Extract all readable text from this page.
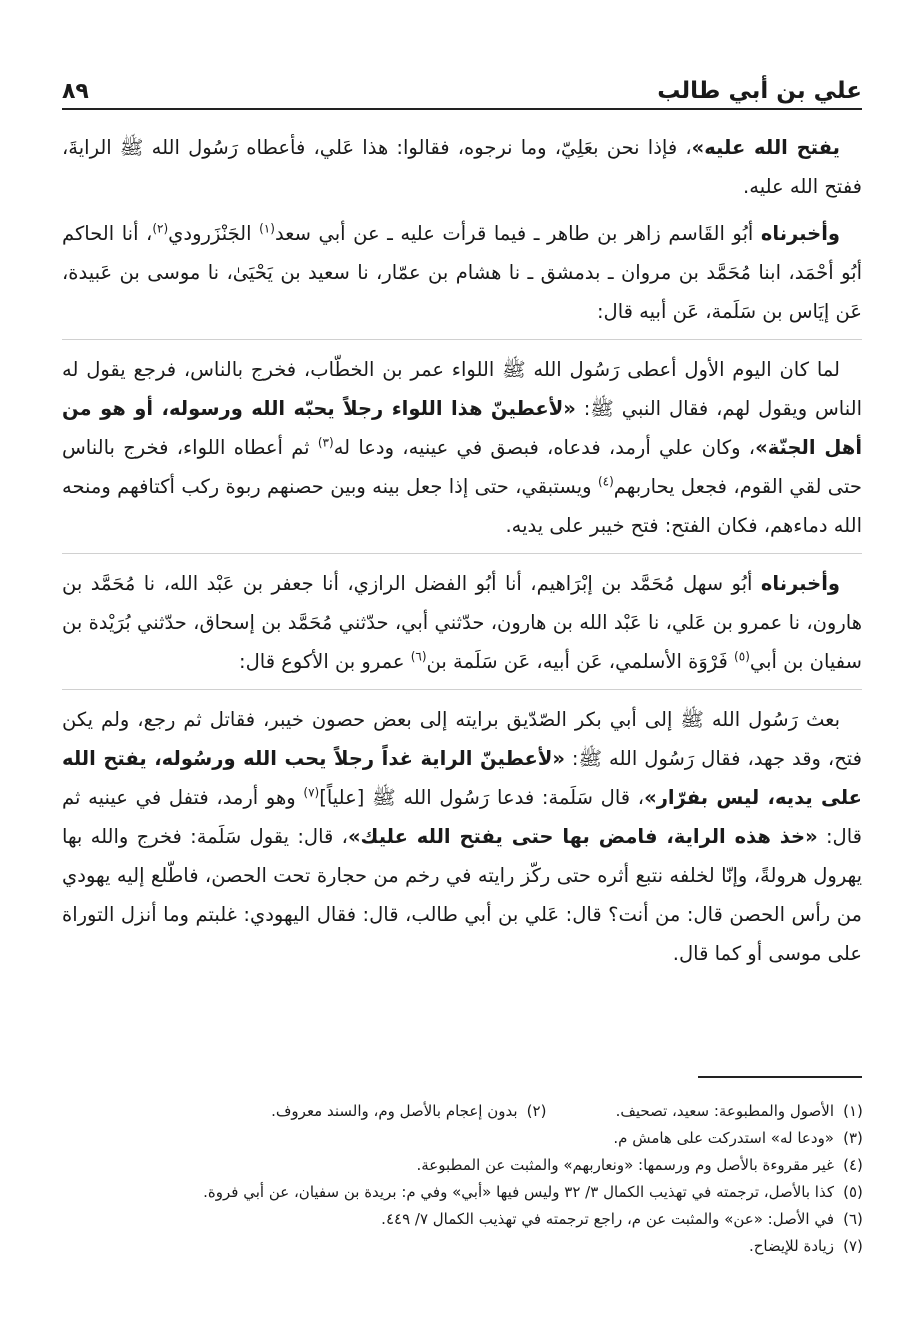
علي بن أبي طالب
٨٩

يفتح الله عليه»، فإذا نحن بعَلِيّ، وما نرجوه، فقالوا: هذا عَلي، فأعطاه رَسُول الله ﷺ الرايةَ، ففتح الله عليه.

وأخبرناه أبُو القَاسم زاهر بن طاهر ـ فيما قرأت عليه ـ عن أبي سعد$^{(١)}$ الجَنْزَرودي$^{(٢)}$، أنا الحاكم أبُو أحْمَد، ابنا مُحَمَّد بن مروان ـ بدمشق ـ نا هشام بن عمّار، نا سعيد بن يَحْيَىٰ، نا موسى بن عَبيدة، عَن إيَاس بن سَلَمة، عَن أبيه قال:

لما كان اليوم الأول أعطى رَسُول الله ﷺ اللواء عمر بن الخطّاب، فخرج بالناس، فرجع يقول له الناس ويقول لهم، فقال النبي ﷺ: «لأعطينّ هذا اللواء رجلاً يحبّه الله ورسوله، أو هو من أهل الجنّة»، وكان علي أرمد، فدعاه، فبصق في عينيه، ودعا له$^{(٣)}$ ثم أعطاه اللواء، فخرج بالناس حتى لقي القوم، فجعل يحاربهم$^{(٤)}$ ويستبقي، حتى إذا جعل بينه وبين حصنهم ربوة ركب أكتافهم ومنحه الله دماءهم، فكان الفتح: فتح خيبر على يديه.

وأخبرناه أبُو سهل مُحَمَّد بن إبْرَاهيم، أنا أبُو الفضل الرازي، أنا جعفر بن عَبْد الله، نا مُحَمَّد بن هارون، نا عمرو بن عَلي، نا عَبْد الله بن هارون، حدّثني أبي، حدّثني مُحَمَّد بن إسحاق، حدّثني بُرَيْدة بن سفيان بن أبي$^{(٥)}$ فَرْوَة الأسلمي، عَن أبيه، عَن سَلَمة بن$^{(٦)}$ عمرو بن الأكوع قال:

بعث رَسُول الله ﷺ إلى أبي بكر الصّدّيق برايته إلى بعض حصون خيبر، فقاتل ثم رجع، ولم يكن فتح، وقد جهد، فقال رَسُول الله ﷺ: «لأعطينّ الراية غداً رجلاً يحب الله ورسُوله، يفتح الله على يديه، ليس بفرّار»، قال سَلَمة: فدعا رَسُول الله ﷺ [علياً]$^{(٧)}$ وهو أرمد، فتفل في عينيه ثم قال: «خذ هذه الراية، فامض بها حتى يفتح الله عليك»، قال: يقول سَلَمة: فخرج والله بها يهرول هرولةً، وإنّا لخلفه نتبع أثره حتى ركّز رايته في رخم من حجارة تحت الحصن، فاطّلع إليه يهودي من رأس الحصن قال: من أنت؟ قال: عَلي بن أبي طالب، قال: فقال اليهودي: غلبتم وما أنزل التوراة على موسى أو كما قال.

(١)
الأصول والمطبوعة: سعيد، تصحيف.
(٢)
بدون إعجام بالأصل وم، والسند معروف.
(٣)
«ودعا له» استدركت على هامش م.
(٤)
غير مقروءة بالأصل وم ورسمها: «ونعاربهم» والمثبت عن المطبوعة.
(٥)
كذا بالأصل، ترجمته في تهذيب الكمال ٣/ ٣٢ وليس فيها «أبي» وفي م: بريدة بن سفيان، عن أبي فروة.
(٦)
في الأصل: «عن» والمثبت عن م، راجع ترجمته في تهذيب الكمال ٧/ ٤٤٩.
(٧)
زيادة للإيضاح.
